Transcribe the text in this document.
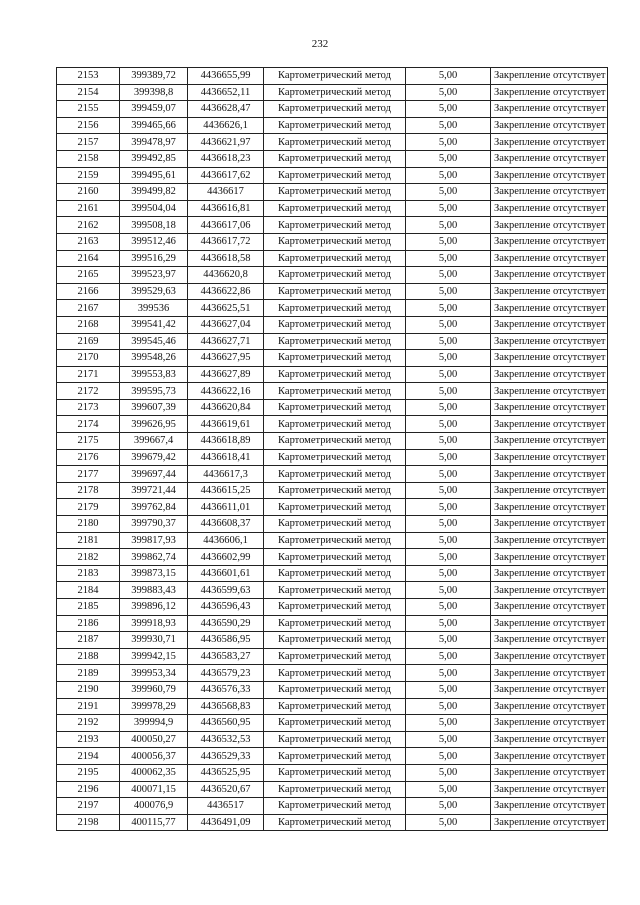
232
2153	399389,72	4436655,99	Картометрический метод	5,00	Закрепление отсутствует
2154	399398,8	4436652,11	Картометрический метод	5,00	Закрепление отсутствует
2155	399459,07	4436628,47	Картометрический метод	5,00	Закрепление отсутствует
2156	399465,66	4436626,1	Картометрический метод	5,00	Закрепление отсутствует
2157	399478,97	4436621,97	Картометрический метод	5,00	Закрепление отсутствует
2158	399492,85	4436618,23	Картометрический метод	5,00	Закрепление отсутствует
2159	399495,61	4436617,62	Картометрический метод	5,00	Закрепление отсутствует
2160	399499,82	4436617	Картометрический метод	5,00	Закрепление отсутствует
2161	399504,04	4436616,81	Картометрический метод	5,00	Закрепление отсутствует
2162	399508,18	4436617,06	Картометрический метод	5,00	Закрепление отсутствует
2163	399512,46	4436617,72	Картометрический метод	5,00	Закрепление отсутствует
2164	399516,29	4436618,58	Картометрический метод	5,00	Закрепление отсутствует
2165	399523,97	4436620,8	Картометрический метод	5,00	Закрепление отсутствует
2166	399529,63	4436622,86	Картометрический метод	5,00	Закрепление отсутствует
2167	399536	4436625,51	Картометрический метод	5,00	Закрепление отсутствует
2168	399541,42	4436627,04	Картометрический метод	5,00	Закрепление отсутствует
2169	399545,46	4436627,71	Картометрический метод	5,00	Закрепление отсутствует
2170	399548,26	4436627,95	Картометрический метод	5,00	Закрепление отсутствует
2171	399553,83	4436627,89	Картометрический метод	5,00	Закрепление отсутствует
2172	399595,73	4436622,16	Картометрический метод	5,00	Закрепление отсутствует
2173	399607,39	4436620,84	Картометрический метод	5,00	Закрепление отсутствует
2174	399626,95	4436619,61	Картометрический метод	5,00	Закрепление отсутствует
2175	399667,4	4436618,89	Картометрический метод	5,00	Закрепление отсутствует
2176	399679,42	4436618,41	Картометрический метод	5,00	Закрепление отсутствует
2177	399697,44	4436617,3	Картометрический метод	5,00	Закрепление отсутствует
2178	399721,44	4436615,25	Картометрический метод	5,00	Закрепление отсутствует
2179	399762,84	4436611,01	Картометрический метод	5,00	Закрепление отсутствует
2180	399790,37	4436608,37	Картометрический метод	5,00	Закрепление отсутствует
2181	399817,93	4436606,1	Картометрический метод	5,00	Закрепление отсутствует
2182	399862,74	4436602,99	Картометрический метод	5,00	Закрепление отсутствует
2183	399873,15	4436601,61	Картометрический метод	5,00	Закрепление отсутствует
2184	399883,43	4436599,63	Картометрический метод	5,00	Закрепление отсутствует
2185	399896,12	4436596,43	Картометрический метод	5,00	Закрепление отсутствует
2186	399918,93	4436590,29	Картометрический метод	5,00	Закрепление отсутствует
2187	399930,71	4436586,95	Картометрический метод	5,00	Закрепление отсутствует
2188	399942,15	4436583,27	Картометрический метод	5,00	Закрепление отсутствует
2189	399953,34	4436579,23	Картометрический метод	5,00	Закрепление отсутствует
2190	399960,79	4436576,33	Картометрический метод	5,00	Закрепление отсутствует
2191	399978,29	4436568,83	Картометрический метод	5,00	Закрепление отсутствует
2192	399994,9	4436560,95	Картометрический метод	5,00	Закрепление отсутствует
2193	400050,27	4436532,53	Картометрический метод	5,00	Закрепление отсутствует
2194	400056,37	4436529,33	Картометрический метод	5,00	Закрепление отсутствует
2195	400062,35	4436525,95	Картометрический метод	5,00	Закрепление отсутствует
2196	400071,15	4436520,67	Картометрический метод	5,00	Закрепление отсутствует
2197	400076,9	4436517	Картометрический метод	5,00	Закрепление отсутствует
2198	400115,77	4436491,09	Картометрический метод	5,00	Закрепление отсутствует
